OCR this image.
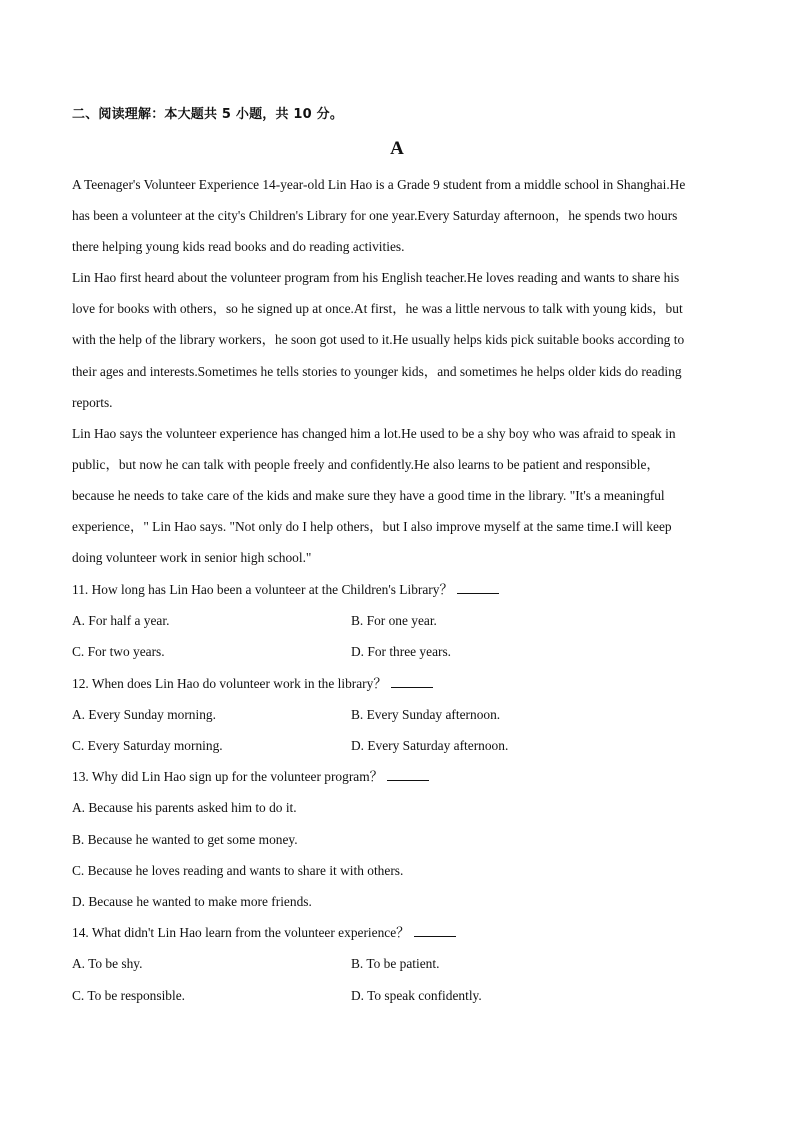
二、阅读理解：本大题共 5 小题，共 10 分。
A
A Teenager's Volunteer Experience 14-year-old Lin Hao is a Grade 9 student from a middle school in Shanghai.He
has been a volunteer at the city's Children's Library for one year.Every Saturday afternoon，he spends two hours
there helping young kids read books and do reading activities.
Lin Hao first heard about the volunteer program from his English teacher.He loves reading and wants to share his
love for books with others，so he signed up at once.At first，he was a little nervous to talk with young kids，but
with the help of the library workers，he soon got used to it.He usually helps kids pick suitable books according to
their ages and interests.Sometimes he tells stories to younger kids，and sometimes he helps older kids do reading
reports.
Lin Hao says the volunteer experience has changed him a lot.He used to be a shy boy who was afraid to speak in
public，but now he can talk with people freely and confidently.He also learns to be patient and responsible，
because he needs to take care of the kids and make sure they have a good time in the library. "It's a meaningful
experience，" Lin Hao says. "Not only do I help others，but I also improve myself at the same time.I will keep
doing volunteer work in senior high school."
11. How long has Lin Hao been a volunteer at the Children's Library？
A. For half a year.	B. For one year.
C. For two years.	D. For three years.
12. When does Lin Hao do volunteer work in the library？
A. Every Sunday morning.	B. Every Sunday afternoon.
C. Every Saturday morning.	D. Every Saturday afternoon.
13. Why did Lin Hao sign up for the volunteer program？
A. Because his parents asked him to do it.
B. Because he wanted to get some money.
C. Because he loves reading and wants to share it with others.
D. Because he wanted to make more friends.
14. What didn't Lin Hao learn from the volunteer experience？
A. To be shy.	B. To be patient.
C. To be responsible.	D. To speak confidently.
